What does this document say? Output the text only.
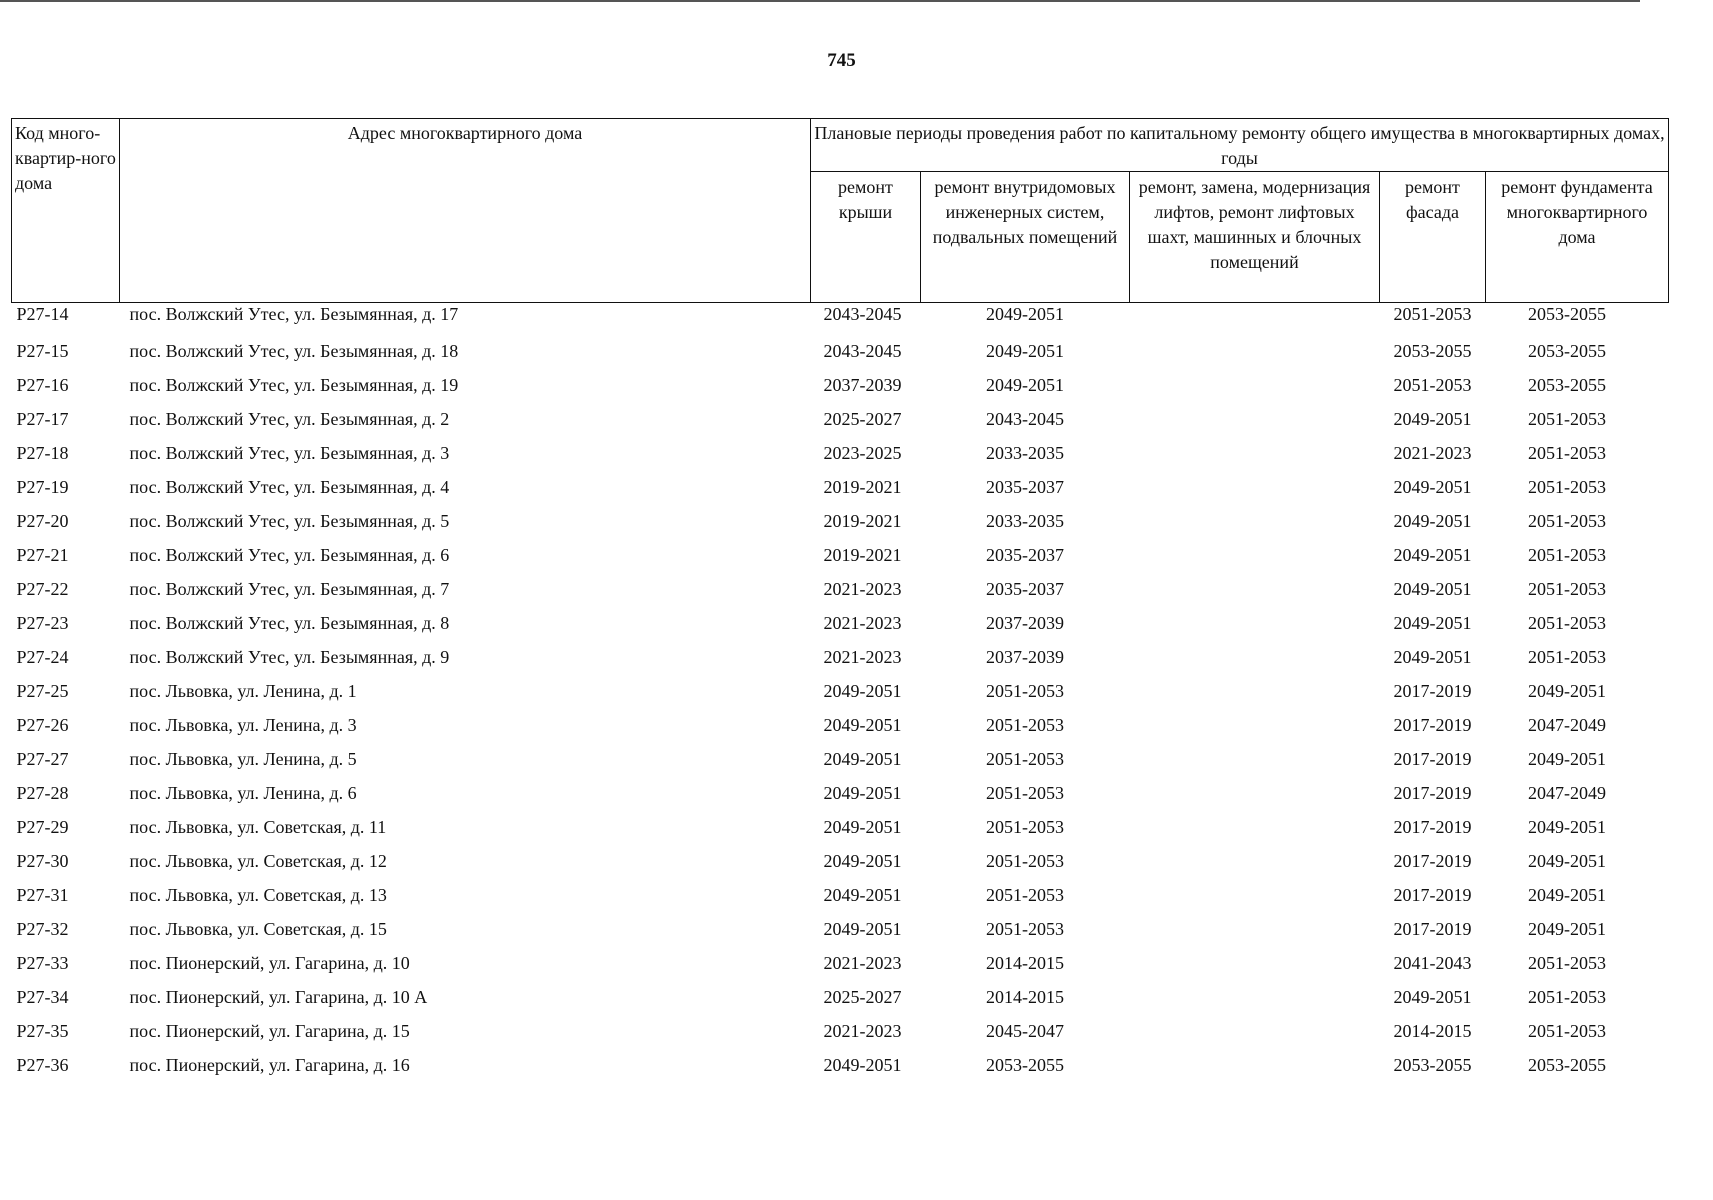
745
Код много-квартир-ного дома	Адрес многоквартирного дома	Плановые периоды проведения работ по капитальному ремонту общего имущества в многоквартирных домах, годы				
		ремонт крыши	ремонт внутридомовых инженерных систем, подвальных помещений	ремонт, замена, модернизация лифтов, ремонт лифтовых шахт, машинных и блочных помещений	ремонт фасада	ремонт фундамента многоквартирного дома
Р27-14	пос. Волжский Утес, ул. Безымянная, д. 17	2043-2045	2049-2051		2051-2053	2053-2055
Р27-15	пос. Волжский Утес, ул. Безымянная, д. 18	2043-2045	2049-2051		2053-2055	2053-2055
Р27-16	пос. Волжский Утес, ул. Безымянная, д. 19	2037-2039	2049-2051		2051-2053	2053-2055
Р27-17	пос. Волжский Утес, ул. Безымянная, д. 2	2025-2027	2043-2045		2049-2051	2051-2053
Р27-18	пос. Волжский Утес, ул. Безымянная, д. 3	2023-2025	2033-2035		2021-2023	2051-2053
Р27-19	пос. Волжский Утес, ул. Безымянная, д. 4	2019-2021	2035-2037		2049-2051	2051-2053
Р27-20	пос. Волжский Утес, ул. Безымянная, д. 5	2019-2021	2033-2035		2049-2051	2051-2053
Р27-21	пос. Волжский Утес, ул. Безымянная, д. 6	2019-2021	2035-2037		2049-2051	2051-2053
Р27-22	пос. Волжский Утес, ул. Безымянная, д. 7	2021-2023	2035-2037		2049-2051	2051-2053
Р27-23	пос. Волжский Утес, ул. Безымянная, д. 8	2021-2023	2037-2039		2049-2051	2051-2053
Р27-24	пос. Волжский Утес, ул. Безымянная, д. 9	2021-2023	2037-2039		2049-2051	2051-2053
Р27-25	пос. Львовка, ул. Ленина, д. 1	2049-2051	2051-2053		2017-2019	2049-2051
Р27-26	пос. Львовка, ул. Ленина, д. 3	2049-2051	2051-2053		2017-2019	2047-2049
Р27-27	пос. Львовка, ул. Ленина, д. 5	2049-2051	2051-2053		2017-2019	2049-2051
Р27-28	пос. Львовка, ул. Ленина, д. 6	2049-2051	2051-2053		2017-2019	2047-2049
Р27-29	пос. Львовка, ул. Советская, д. 11	2049-2051	2051-2053		2017-2019	2049-2051
Р27-30	пос. Львовка, ул. Советская, д. 12	2049-2051	2051-2053		2017-2019	2049-2051
Р27-31	пос. Львовка, ул. Советская, д. 13	2049-2051	2051-2053		2017-2019	2049-2051
Р27-32	пос. Львовка, ул. Советская, д. 15	2049-2051	2051-2053		2017-2019	2049-2051
Р27-33	пос. Пионерский, ул. Гагарина, д. 10	2021-2023	2014-2015		2041-2043	2051-2053
Р27-34	пос. Пионерский, ул. Гагарина, д. 10 А	2025-2027	2014-2015		2049-2051	2051-2053
Р27-35	пос. Пионерский, ул. Гагарина, д. 15	2021-2023	2045-2047		2014-2015	2051-2053
Р27-36	пос. Пионерский, ул. Гагарина, д. 16	2049-2051	2053-2055		2053-2055	2053-2055
